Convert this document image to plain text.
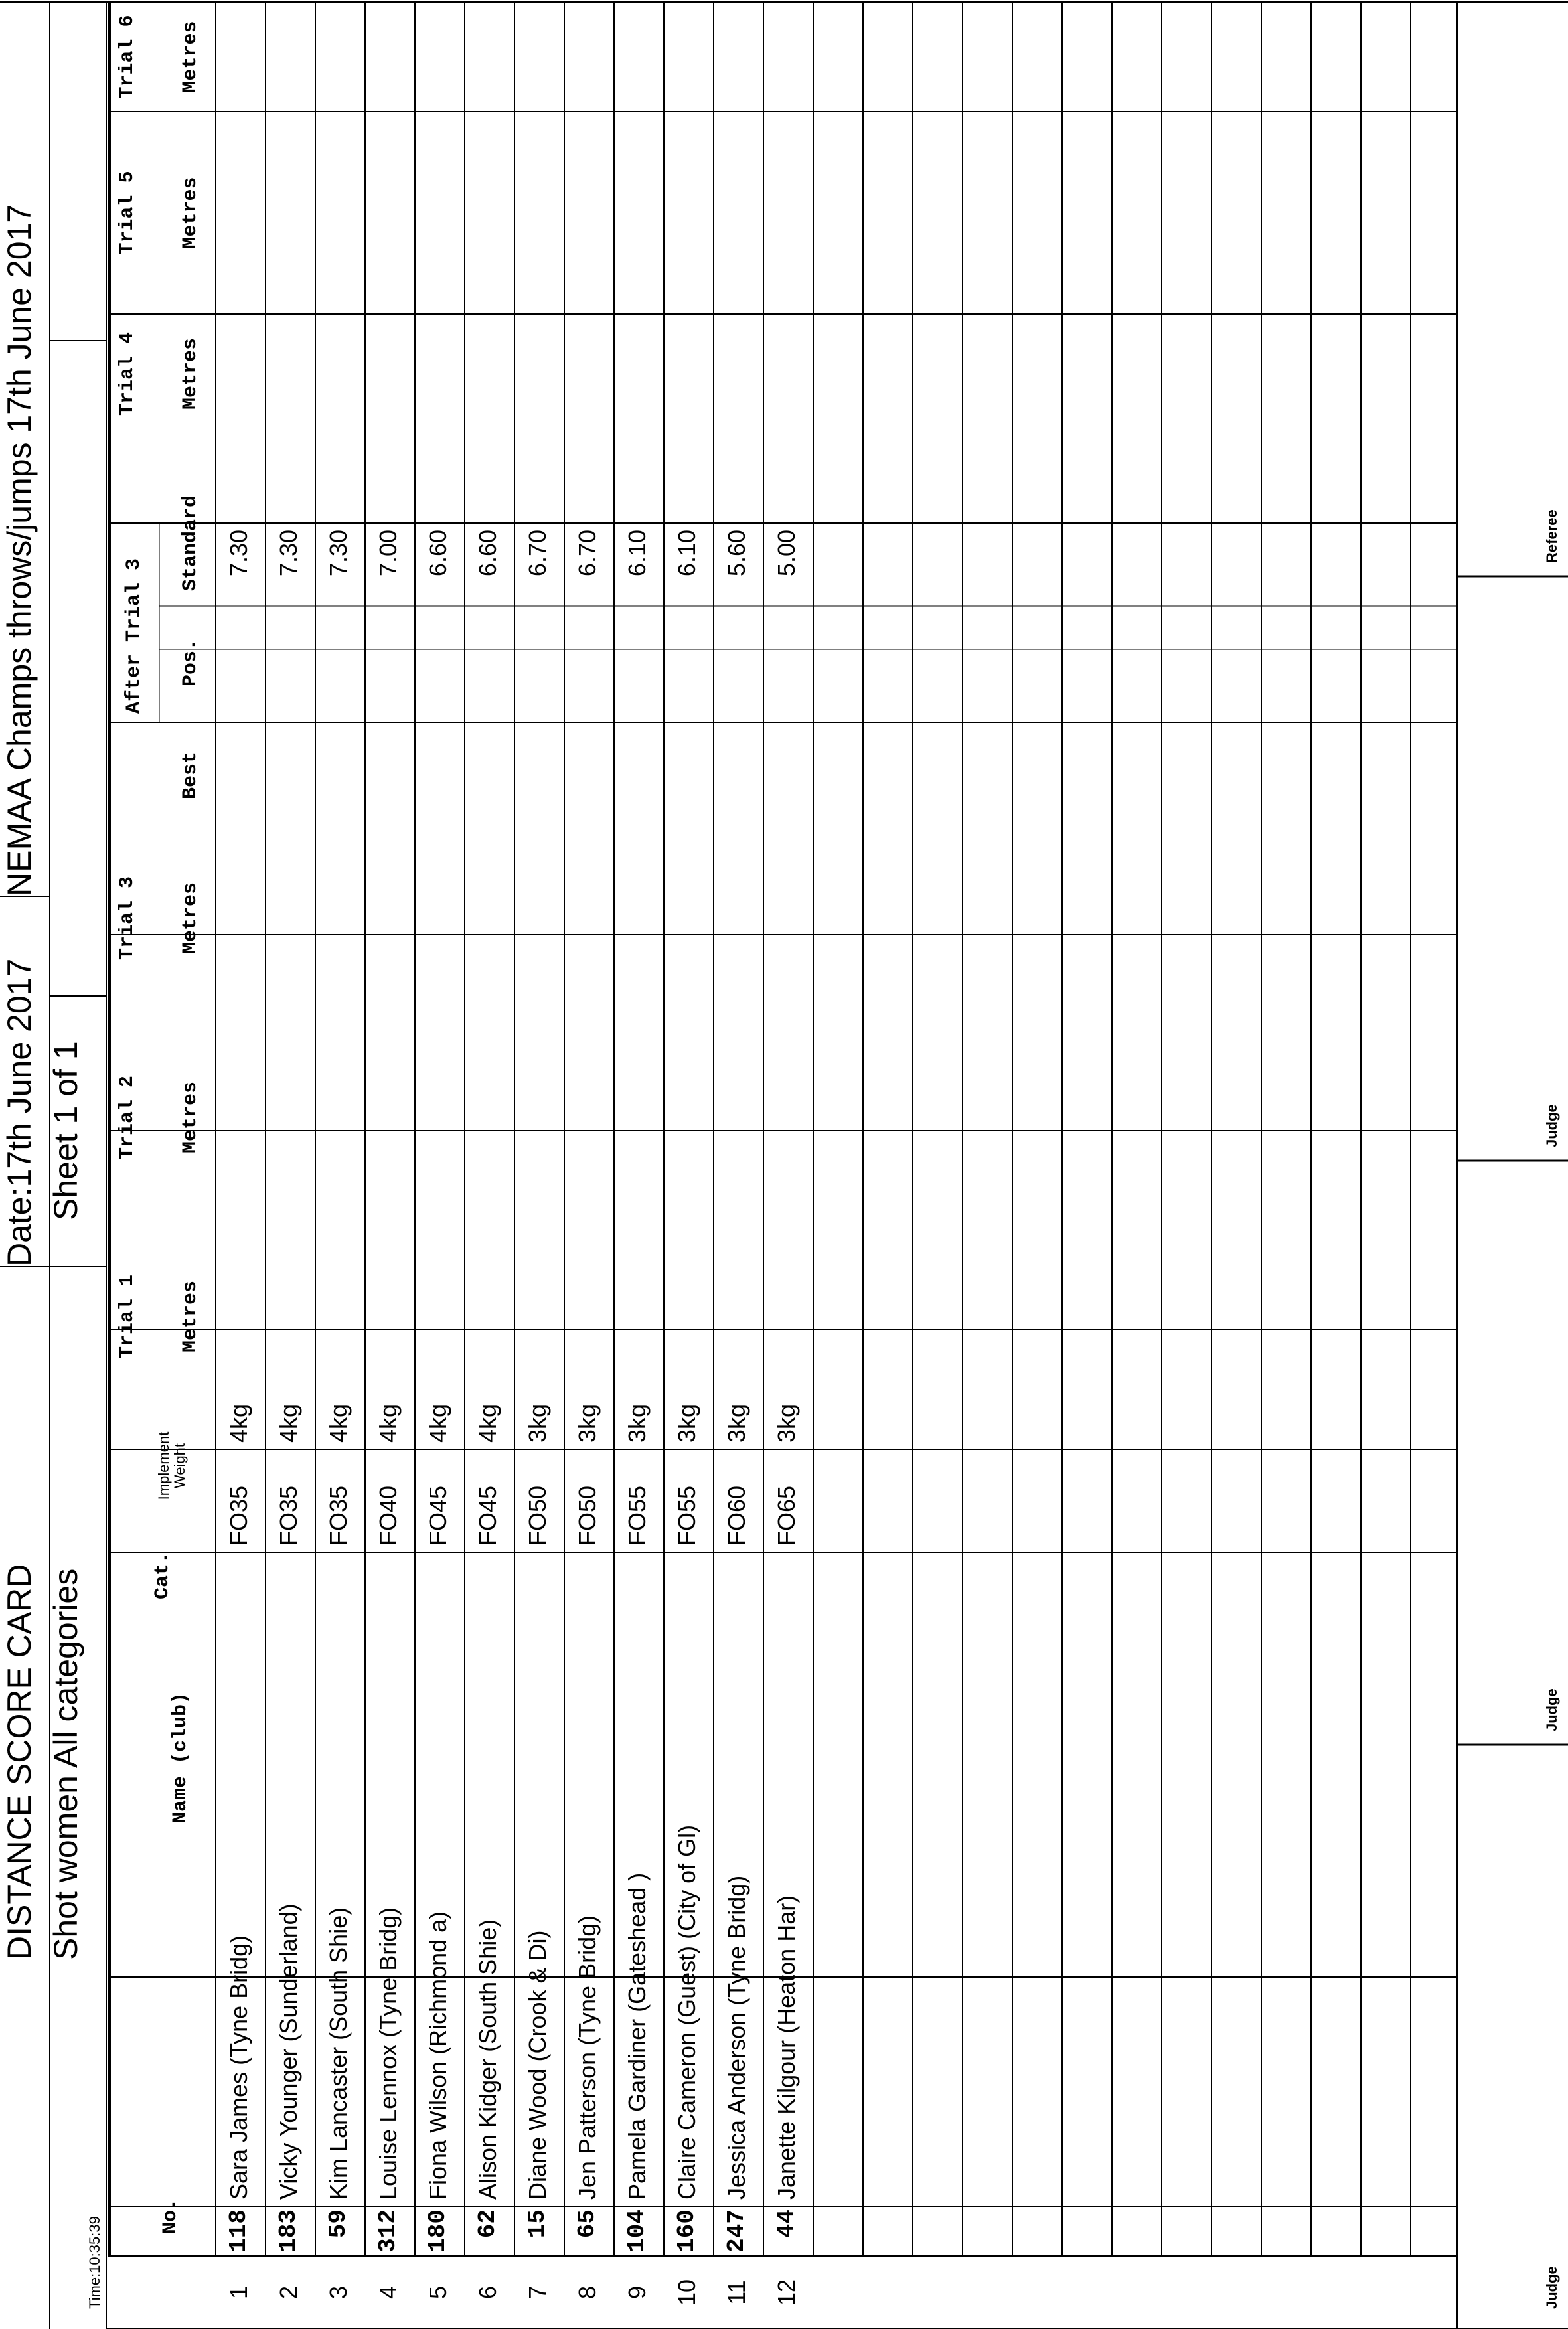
DISTANCE SCORE CARD
Date:17th June 2017
NEMAA Champs throws/jumps 17th June 2017
Shot women All categories
Sheet 1 of 1
Time:10:35:39
No.
Name (club)
Cat.
Implement Weight
Trial 1 Metres
Trial 2 Metres
Trial 3 Metres
After Trial 3
Best
Pos.
Standard
Trial 4 Metres
1
118
Sara James (Tyne Bridg)
FO35
4kg
7.30
2
183
Vicky Younger (Sunderland)
FO35
4kg
7.30
3
59
Kim Lancaster (South Shie)
FO35
4kg
7.30
4
312
Louise Lennox (Tyne Bridg)
FO40
4kg
7.00
5
180
Fiona Wilson (Richmond a)
FO45
4kg
6.60
6
62
Alison Kidger (South Shie)
FO45
4kg
6.60
7
15
Diane Wood (Crook & Di)
FO50
3kg
6.70
8
65
Jen Patterson (Tyne Bridg)
FO50
3kg
6.70
9
104
Pamela Gardiner (Gateshead )
FO55
3kg
6.10
10
160
Claire Cameron (Guest) (City of Gl)
FO55
3kg
6.10
11
247
Jessica Anderson (Tyne Bridg)
FO60
3kg
5.60
12
44
Janette Kilgour (Heaton Har)
FO65
3kg
5.00
Judge
Judge
Judge
Referee
Trial 5 Metres
Trial 6 Metres
